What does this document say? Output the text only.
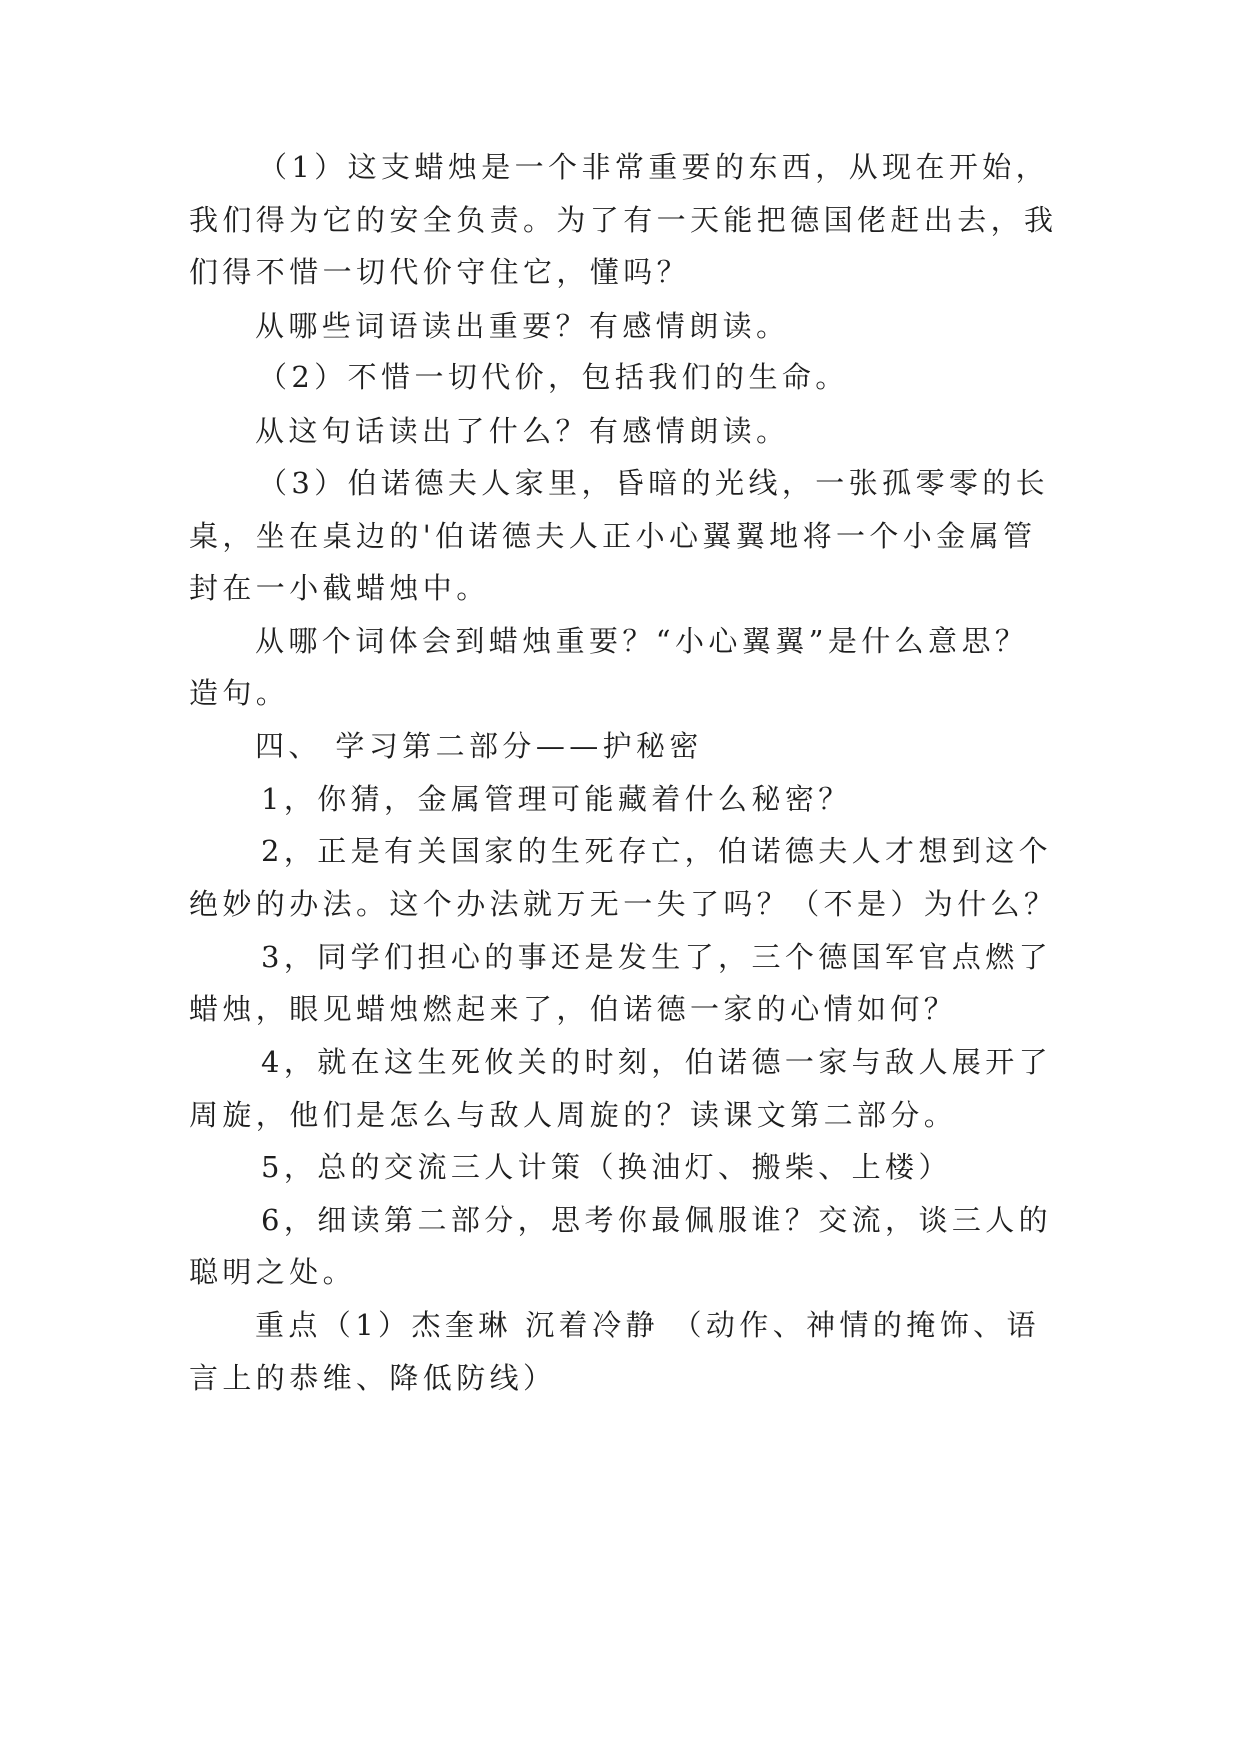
（1）这支蜡烛是一个非常重要的东西，从现在开始，
我们得为它的安全负责。为了有一天能把德国佬赶出去，我
们得不惜一切代价守住它，懂吗？
从哪些词语读出重要？有感情朗读。
（2）不惜一切代价，包括我们的生命。
从这句话读出了什么？有感情朗读。
（3）伯诺德夫人家里，昏暗的光线，一张孤零零的长
桌，坐在桌边的'伯诺德夫人正小心翼翼地将一个小金属管
封在一小截蜡烛中。
从哪个词体会到蜡烛重要？“小心翼翼”是什么意思？
造句。
四、 学习第二部分——护秘密
1，你猜，金属管理可能藏着什么秘密？
2，正是有关国家的生死存亡，伯诺德夫人才想到这个
绝妙的办法。这个办法就万无一失了吗？（不是）为什么？
3，同学们担心的事还是发生了，三个德国军官点燃了
蜡烛，眼见蜡烛燃起来了，伯诺德一家的心情如何？
4，就在这生死攸关的时刻，伯诺德一家与敌人展开了
周旋，他们是怎么与敌人周旋的？读课文第二部分。
5，总的交流三人计策（换油灯、搬柴、上楼）
6，细读第二部分，思考你最佩服谁？交流，谈三人的
聪明之处。
重点（1）杰奎琳 沉着冷静 （动作、神情的掩饰、语
言上的恭维、降低防线）
